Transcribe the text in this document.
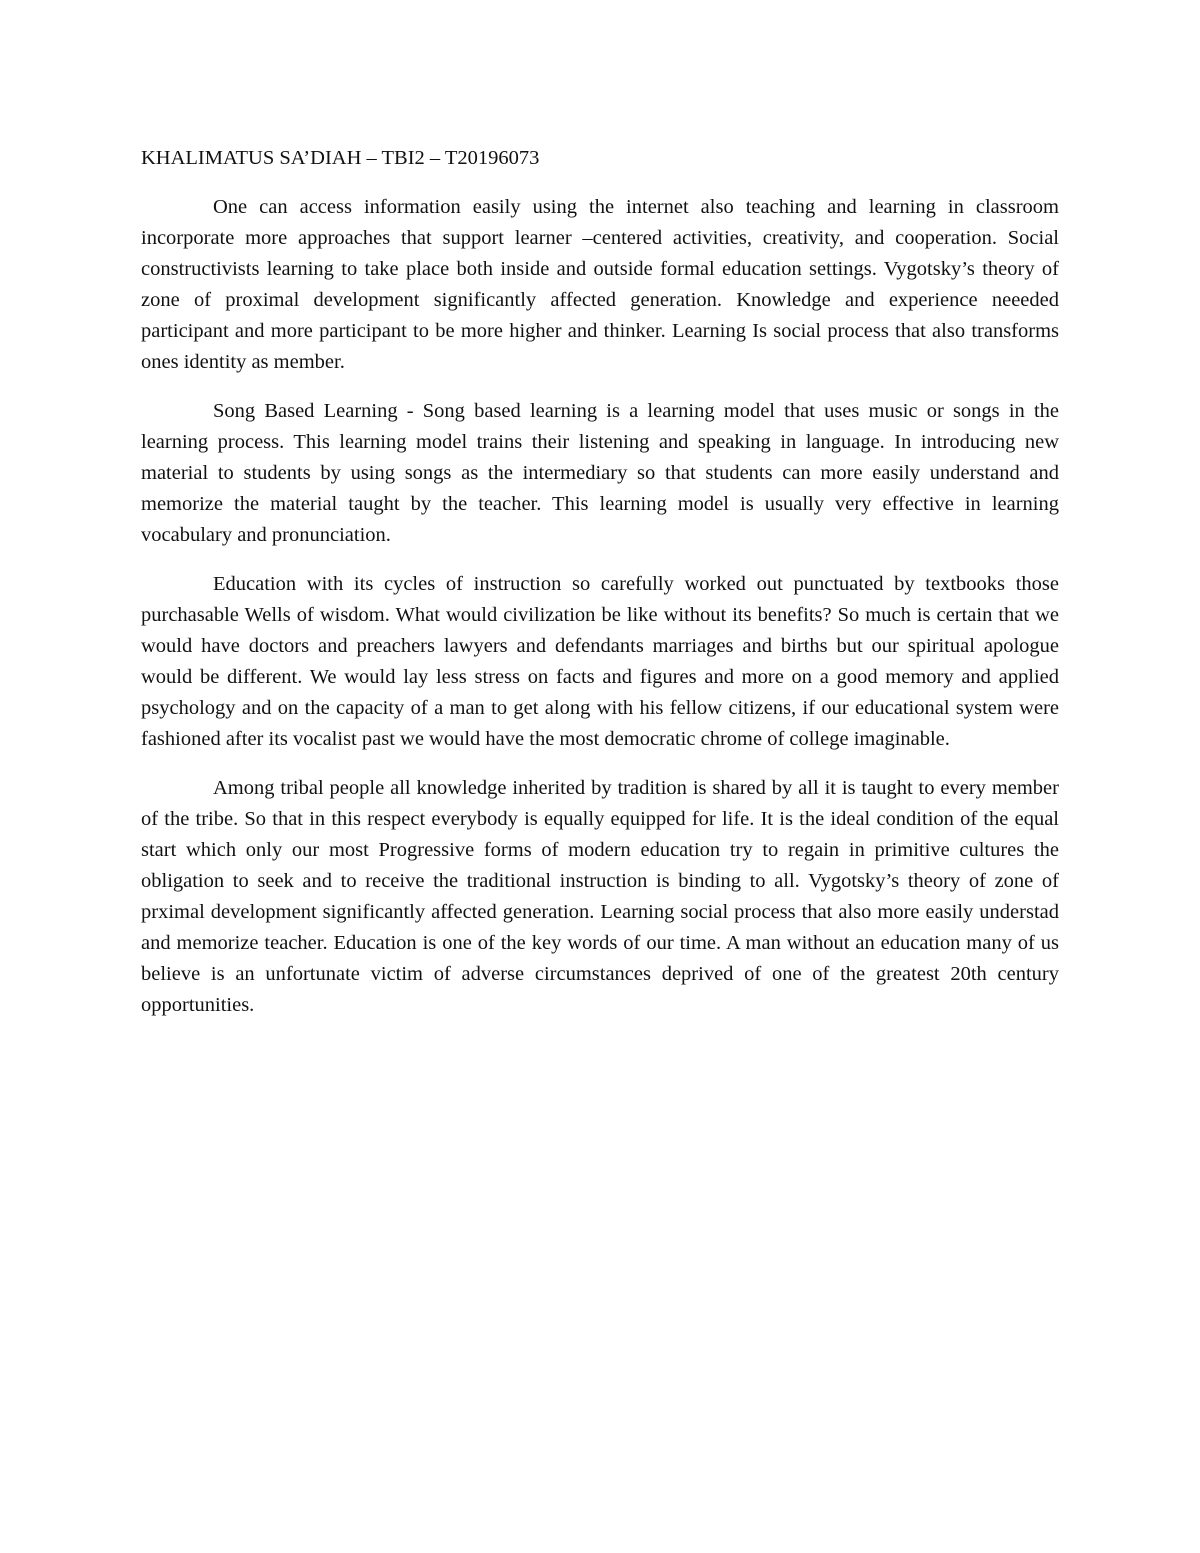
KHALIMATUS SA’DIAH – TBI2 – T20196073

One can access information easily using the internet also teaching and learning in classroom incorporate more approaches that support learner –centered activities, creativity, and cooperation. Social constructivists learning to take place both inside and outside formal education settings. Vygotsky’s theory of zone of proximal development significantly affected generation. Knowledge and experience neeeded participant and more participant to be more higher and thinker. Learning Is social process that also transforms ones identity as member.

Song Based Learning - Song based learning is a learning model that uses music or songs in the learning process. This learning model trains their listening and speaking in language. In introducing new material to students by using songs as the intermediary so that students can more easily understand and memorize the material taught by the teacher. This learning model is usually very effective in learning vocabulary and pronunciation.

Education with its cycles of instruction so carefully worked out punctuated by textbooks those purchasable Wells of wisdom. What would civilization be like without its benefits? So much is certain that we would have doctors and preachers lawyers and defendants marriages and births but our spiritual apologue would be different. We would lay less stress on facts and figures and more on a good memory and applied psychology and on the capacity of a man to get along with his fellow citizens, if our educational system were fashioned after its vocalist past we would have the most democratic chrome of college imaginable.

Among tribal people all knowledge inherited by tradition is shared by all it is taught to every member of the tribe. So that in this respect everybody is equally equipped for life. It is the ideal condition of the equal start which only our most Progressive forms of modern education try to regain in primitive cultures the obligation to seek and to receive the traditional instruction is binding to all. Vygotsky’s theory of zone of prximal development significantly affected generation. Learning social process that also more easily understad and memorize teacher. Education is one of the key words of our time. A man without an education many of us believe is an unfortunate victim of adverse circumstances deprived of one of the greatest 20th century opportunities.
